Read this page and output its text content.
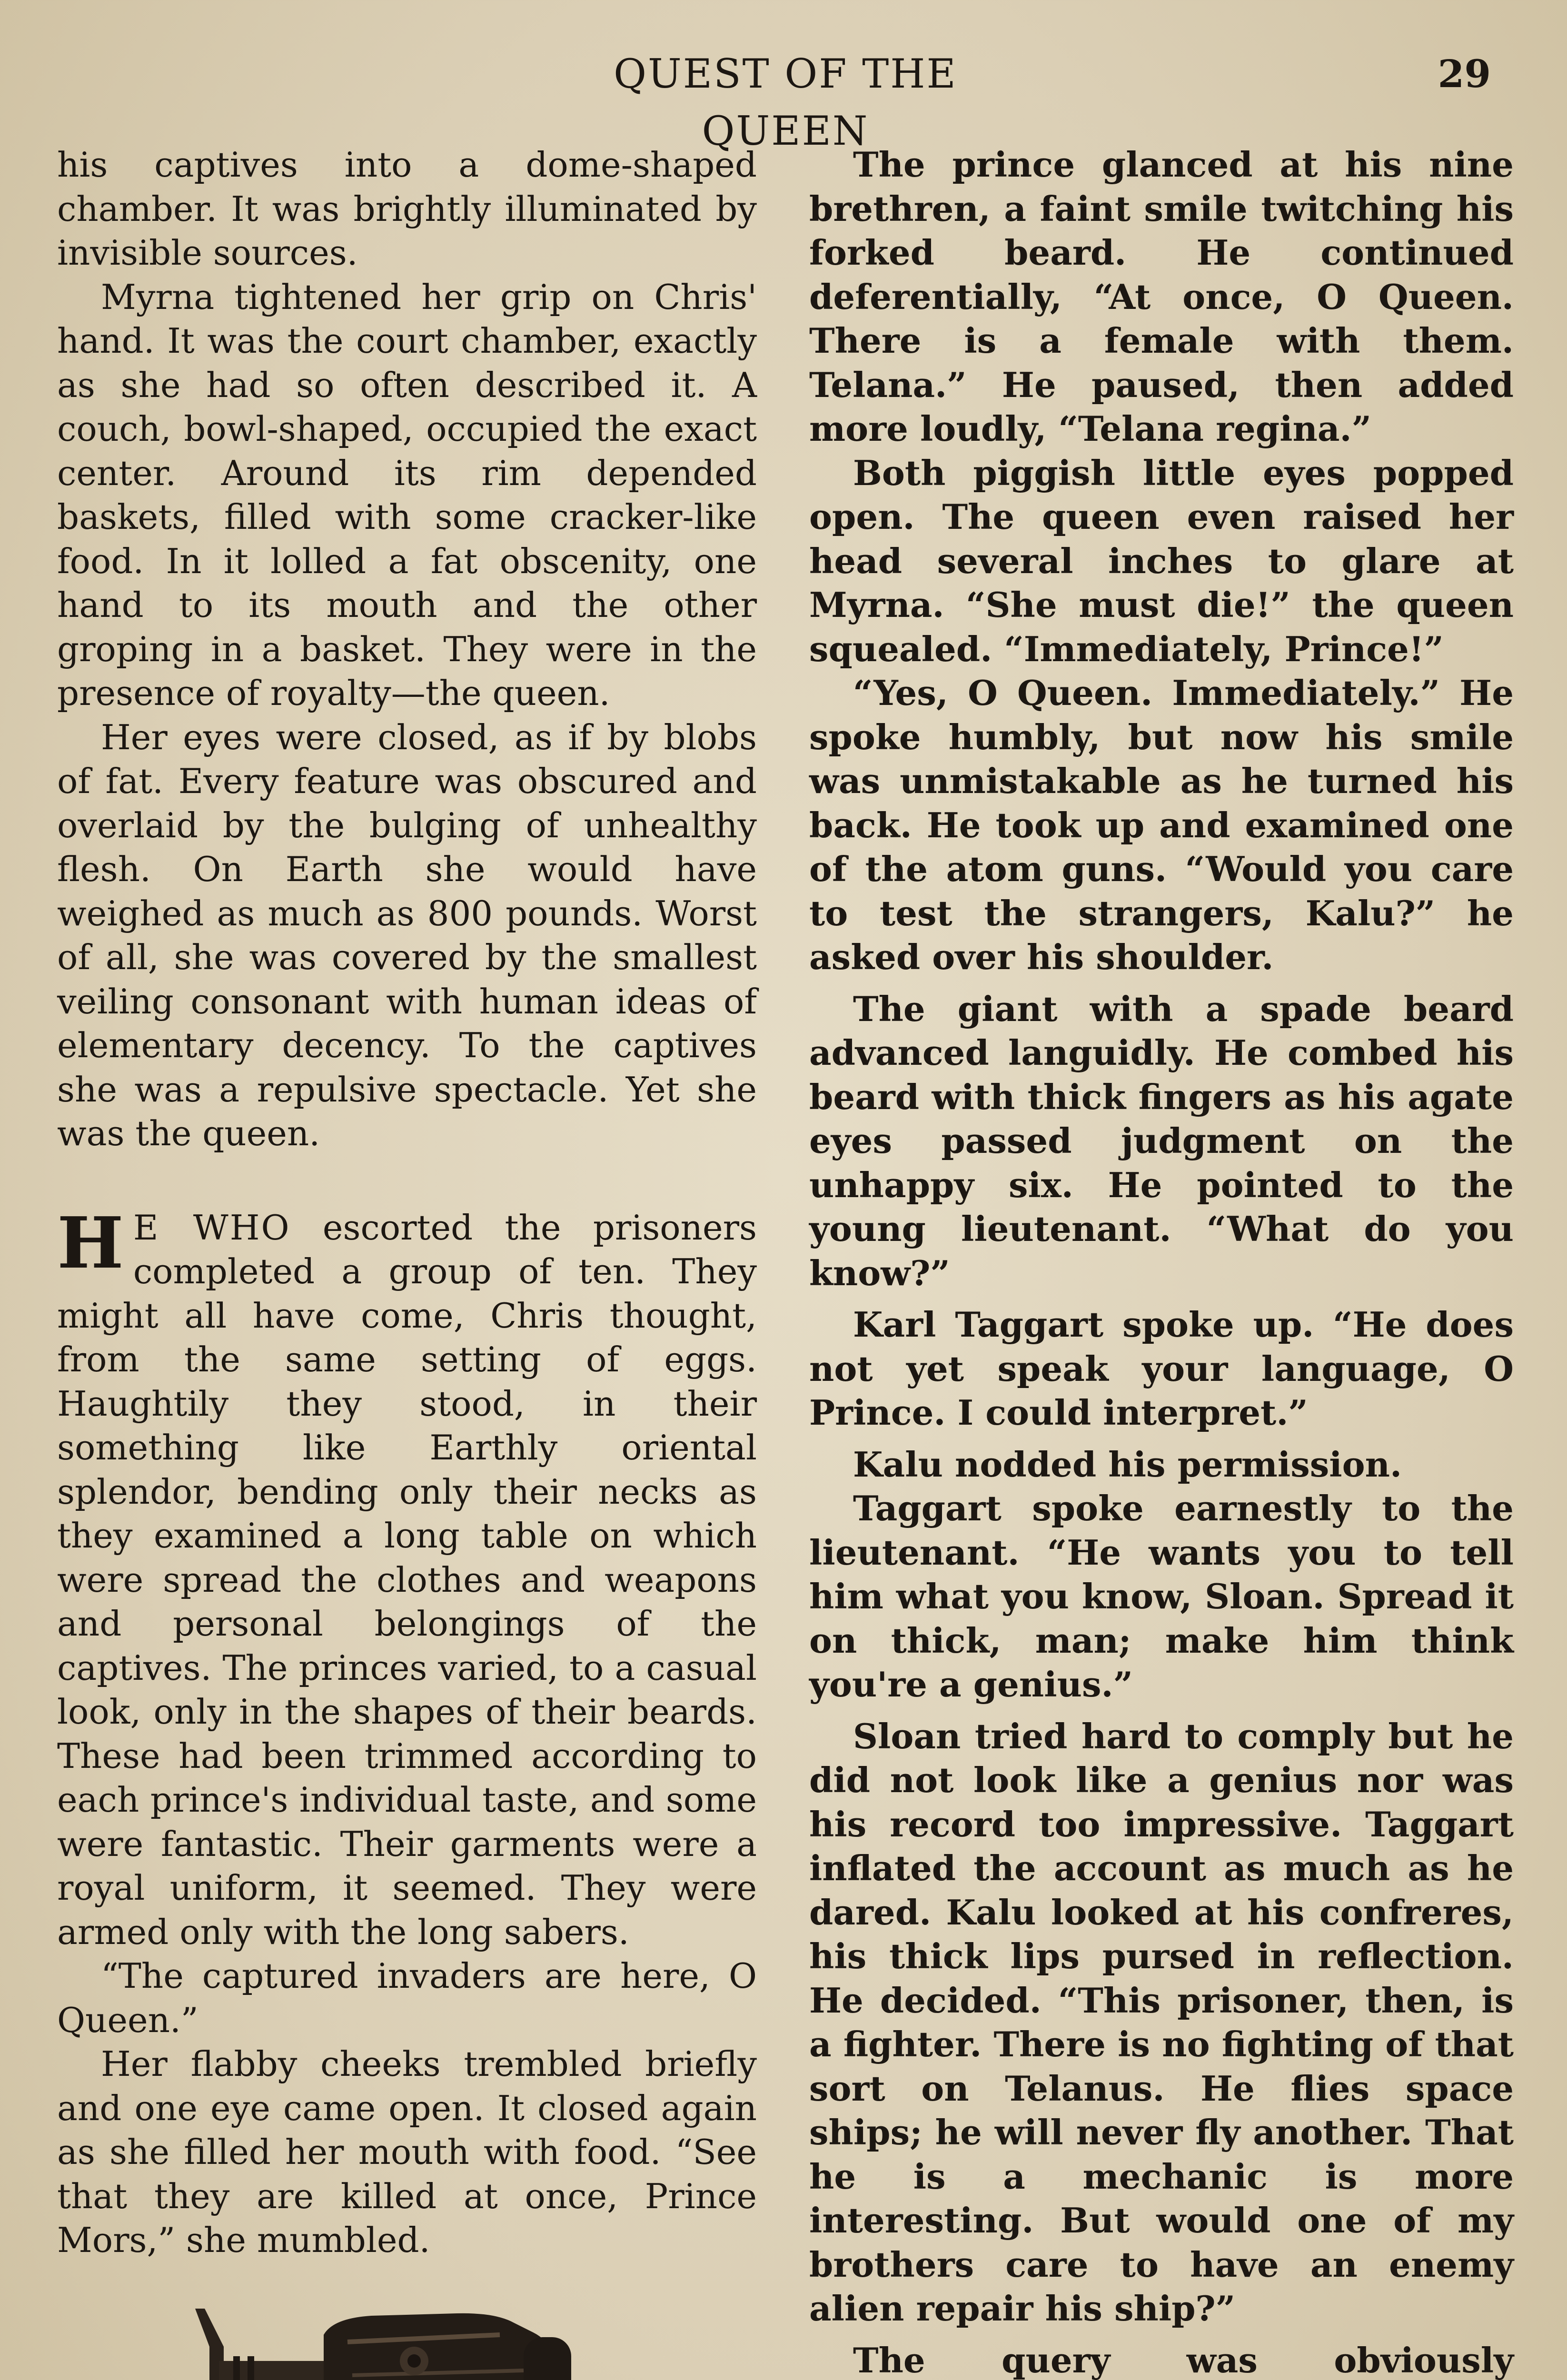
QUEST OF THE QUEEN
29

his captives into a dome-shaped chamber. It was brightly illuminated by invisible sources.

Myrna tightened her grip on Chris' hand. It was the court chamber, exactly as she had so often described it. A couch, bowl-shaped, occupied the exact center. Around its rim depended baskets, filled with some cracker-like food. In it lolled a fat obscenity, one hand to its mouth and the other groping in a basket. They were in the presence of royalty—the queen.

Her eyes were closed, as if by blobs of fat. Every feature was obscured and overlaid by the bulging of unhealthy flesh. On Earth she would have weighed as much as 800 pounds. Worst of all, she was covered by the smallest veiling consonant with human ideas of elementary decency. To the captives she was a repulsive spectacle. Yet she was the queen.

H E WHO escorted the prisoners completed a group of ten. They might all have come, Chris thought, from the same setting of eggs. Haughtily they stood, in their something like Earthly oriental splendor, bending only their necks as they examined a long table on which were spread the clothes and weapons and personal belongings of the captives. The princes varied, to a casual look, only in the shapes of their beards. These had been trimmed according to each prince's individual taste, and some were fantastic. Their garments were a royal uniform, it seemed. They were armed only with the long sabers.

“The captured invaders are here, O Queen.”

Her flabby cheeks trembled briefly and one eye came open. It closed again as she filled her mouth with food. “See that they are killed at once, Prince Mors,” she mumbled.

The prince glanced at his nine brethren, a faint smile twitching his forked beard. He continued deferentially, “At once, O Queen. There is a female with them. Telana.” He paused, then added more loudly, “Telana regina.”

Both piggish little eyes popped open. The queen even raised her head several inches to glare at Myrna. “She must die!” the queen squealed. “Immediately, Prince!”

“Yes, O Queen. Immediately.” He spoke humbly, but now his smile was unmistakable as he turned his back. He took up and examined one of the atom guns. “Would you care to test the strangers, Kalu?” he asked over his shoulder.

The giant with a spade beard advanced languidly. He combed his beard with thick fingers as his agate eyes passed judgment on the unhappy six. He pointed to the young lieutenant. “What do you know?”

Karl Taggart spoke up. “He does not yet speak your language, O Prince. I could interpret.”

Kalu nodded his permission.

Taggart spoke earnestly to the lieutenant. “He wants you to tell him what you know, Sloan. Spread it on thick, man; make him think you're a genius.”

Sloan tried hard to comply but he did not look like a genius nor was his record too impressive. Taggart inflated the account as much as he dared. Kalu looked at his confreres, his thick lips pursed in reflection. He decided. “This prisoner, then, is a fighter. There is no fighting of that sort on Telanus. He flies space ships; he will never fly another. That he is a mechanic is more interesting. But would one of my brothers care to have an enemy alien repair his ship?”

The query was obviously
